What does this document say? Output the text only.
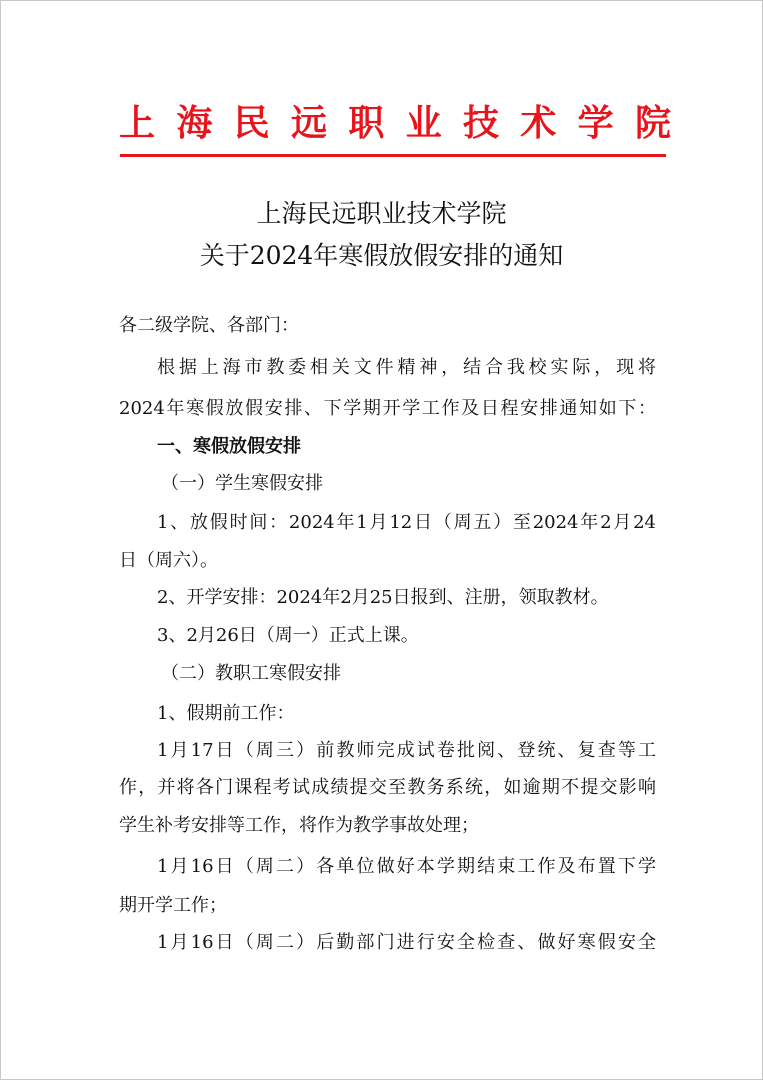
上海民远职业技术学院
上海民远职业技术学院
关于2024年寒假放假安排的通知
各二级学院、各部门：
根据上海市教委相关文件精神，结合我校实际，现将
2024年寒假放假安排、下学期开学工作及日程安排通知如下：
一、寒假放假安排
（一）学生寒假安排
1、放假时间：2024年1月12日（周五）至2024年2月24
日（周六）。
2、开学安排：2024年2月25日报到、注册，领取教材。
3、2月26日（周一）正式上课。
（二）教职工寒假安排
1、假期前工作：
1月17日（周三）前教师完成试卷批阅、登统、复查等工
作，并将各门课程考试成绩提交至教务系统，如逾期不提交影响
学生补考安排等工作，将作为教学事故处理；
1月16日（周二）各单位做好本学期结束工作及布置下学
期开学工作；
1月16日（周二）后勤部门进行安全检查、做好寒假安全
